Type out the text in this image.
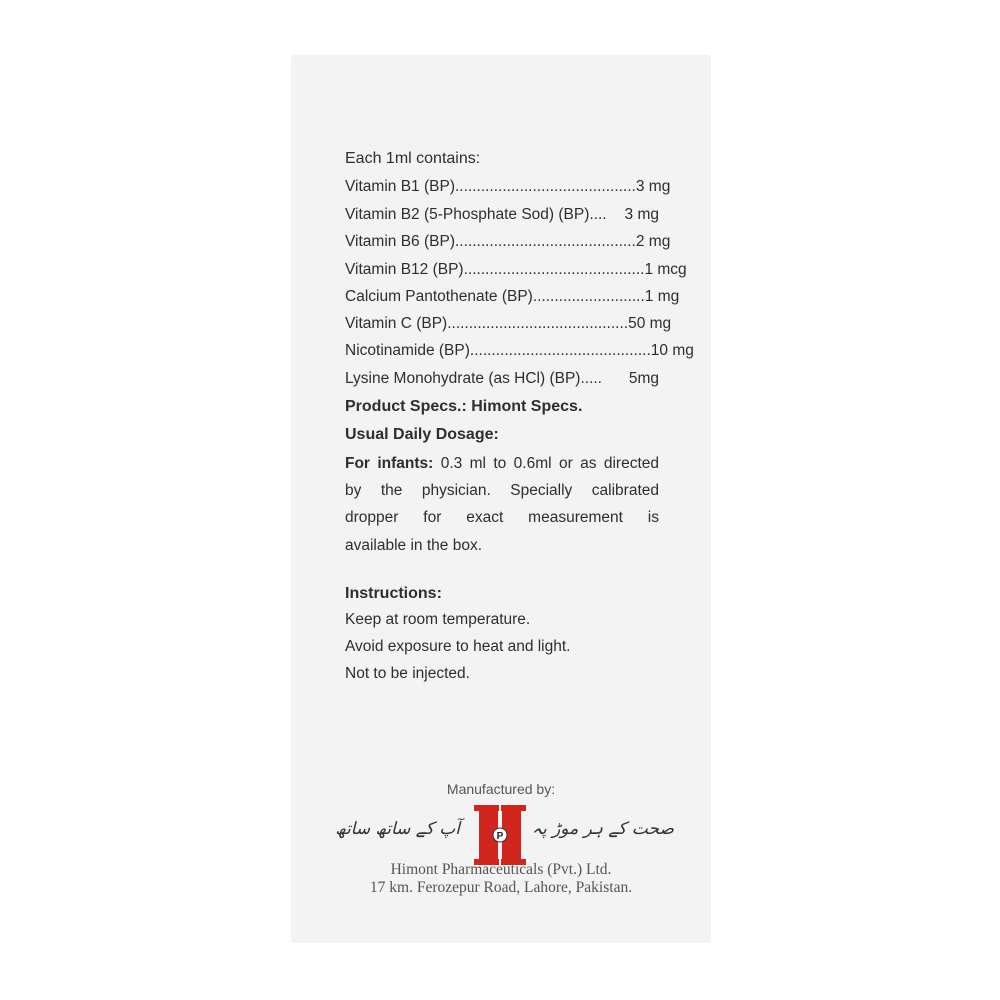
Each 1ml contains:
Vitamin B1 (BP).......................................... 3 mg
Vitamin B2 (5-Phosphate Sod) (BP)....	3 mg
Vitamin B6 (BP).......................................... 2 mg
Vitamin B12 (BP).......................................... 1 mcg
Calcium Pantothenate (BP).......................... 1 mg
Vitamin C (BP).......................................... 50 mg
Nicotinamide (BP).......................................... 10 mg
Lysine Monohydrate (as HCl) (BP).....	5mg
Product Specs.: Himont Specs.
Usual Daily Dosage:
For infants: 0.3 ml to 0.6ml or as directed
by the physician. Specially calibrated
dropper for exact measurement is
available in the box.
Instructions:
Keep at room temperature.
Avoid exposure to heat and light.
Not to be injected.
Manufactured by:
آپ کے ساتھ ساتھ	P صحت کے ہر موڑ پہ
Himont Pharmaceuticals (Pvt.) Ltd.
17 km. Ferozepur Road, Lahore, Pakistan.
